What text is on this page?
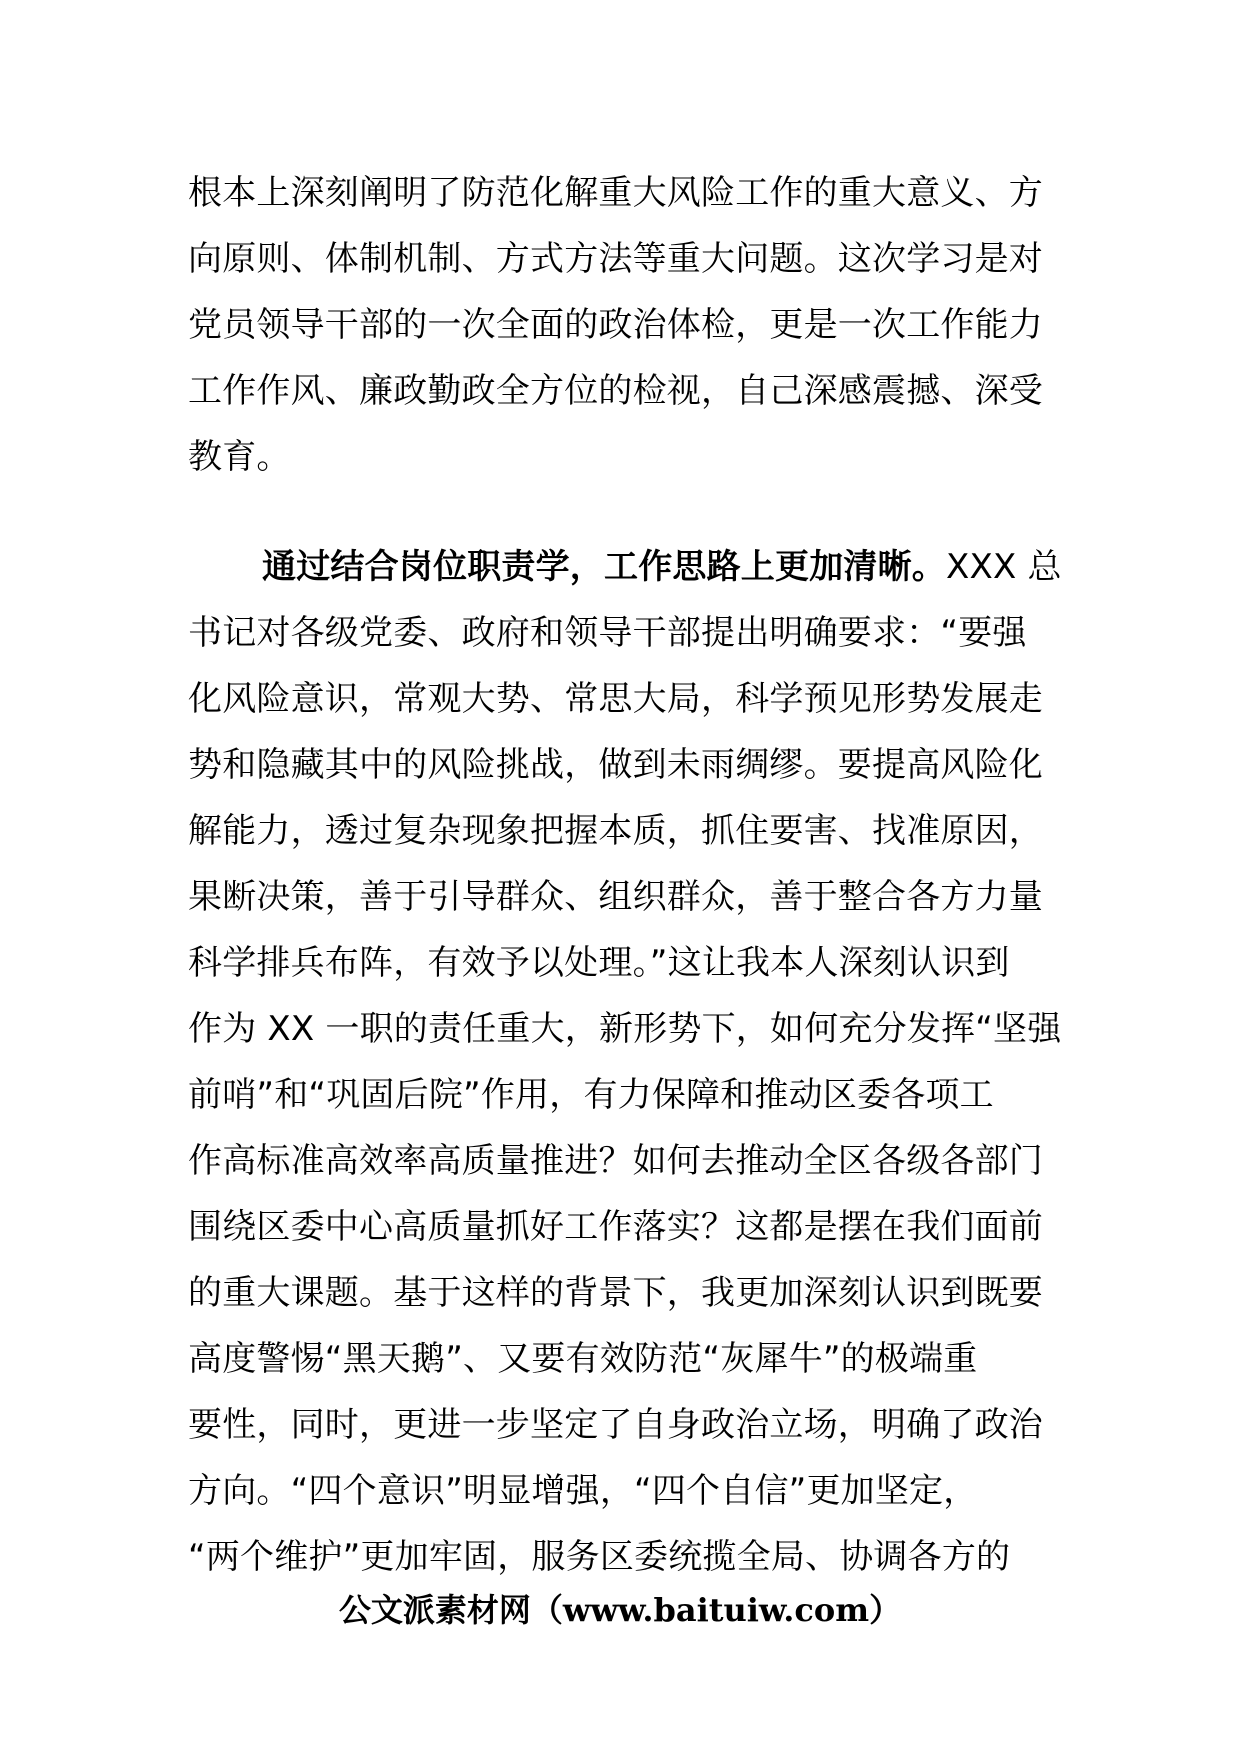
根本上深刻阐明了防范化解重大风险工作的重大意义、方
向原则、体制机制、方式方法等重大问题。这次学习是对
党员领导干部的一次全面的政治体检，更是一次工作能力
工作作风、廉政勤政全方位的检视，自己深感震撼、深受
教育。
通过结合岗位职责学，工作思路上更加清晰。XXX 总
书记对各级党委、政府和领导干部提出明确要求：“要强
化风险意识，常观大势、常思大局，科学预见形势发展走
势和隐藏其中的风险挑战，做到未雨绸缪。要提高风险化
解能力，透过复杂现象把握本质，抓住要害、找准原因，
果断决策，善于引导群众、组织群众，善于整合各方力量
科学排兵布阵，有效予以处理。”这让我本人深刻认识到
作为 XX 一职的责任重大，新形势下，如何充分发挥“坚强
前哨”和“巩固后院”作用，有力保障和推动区委各项工
作高标准高效率高质量推进？如何去推动全区各级各部门
围绕区委中心高质量抓好工作落实？这都是摆在我们面前
的重大课题。基于这样的背景下，我更加深刻认识到既要
高度警惕“黑天鹅”、又要有效防范“灰犀牛”的极端重
要性，同时，更进一步坚定了自身政治立场，明确了政治
方向。“四个意识”明显增强，“四个自信”更加坚定，
“两个维护”更加牢固，服务区委统揽全局、协调各方的
公文派素材网（www.baituiw.com）
